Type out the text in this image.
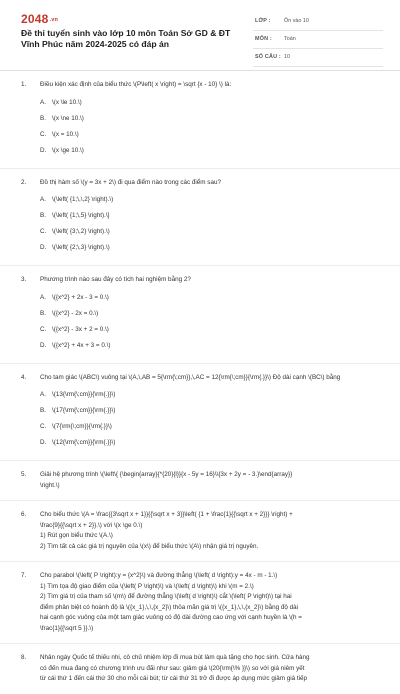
2048.vn
Đề thi tuyển sinh vào lớp 10 môn Toán Sở GD & ĐT Vĩnh Phúc năm 2024-2025 có đáp án
LỚP : Ôn vào 10
MÔN : Toán
SỐ CÂU : 10
1. Điều kiện xác định của biểu thức \(P\left( x \right) = \sqrt {x - 10} \) là:
A. \(x \le 10.\)
B. \(x \ne 10.\)
C. \(x = 10.\)
D. \(x \ge 10.\)
2. Đồ thị hàm số \(y = 3x + 2\) đi qua điểm nào trong các điểm sau?
A. \(\left( {1;\,\,2} \right).\)
B. \(\left( {1;\,5} \right).\]
C. \(\left( {3;\,2} \right).\)
D. \(\left( {2;\,3} \right).\)
3. Phương trình nào sau đây có tích hai nghiệm bằng 2?
A. \({x^2} + 2x - 3 = 0.\)
B. \({x^2} - 2x = 0.\)
C. \({x^2} - 3x + 2 = 0.\)
D. \({x^2} + 4x + 3 = 0.\)
4. Cho tam giác \(ABC\) vuông tại \(A,\,AB = 5{\rm{\;cm}},\,AC = 12{\rm{\;cm}}{\rm{.}}\) Độ dài cạnh \(BC\) bằng
A. \(13{\rm{\;cm}}{\rm{.}}\)
B. \(17{\rm{\;cm}}{\rm{.}}\)
C. \(7{\rm{\;cm}}{\rm{.}}\)
D. \(12{\rm{\;cm}}{\rm{.}}\)
5. Giải hệ phương trình \(\left\{ {\begin{array}{*{20}{l}}{x - 5y = 16}\\{3x + 2y = - 3.}\end{array}}
\right.\)
6. Cho biểu thức \(A = \frac{{3\sqrt x + 1}}{{\sqrt x + 3}}\left( {1 + \frac{1}{{\sqrt x + 2}}} \right) +
\frac{9}{{\sqrt x + 2}}.\) với \(x \ge 0.\)
1) Rút gọn biểu thức \(A.\)
2) Tìm tất cả các giá trị nguyên của \(x\) để biểu thức \(A\) nhận giá trị nguyên.
7. Cho parabol \(\left( P \right):y = {x^2}\) và đường thẳng \(\left( d \right):y = 4x - m - 1.\)
1) Tìm tọa độ giao điểm của \(\left( P \right)\) và \(\left( d \right)\) khi \(m = 2.\)
2) Tìm giá trị của tham số \(m\) để đường thẳng \(\left( d \right)\) cắt \(\left( P \right)\) tại hai
điểm phân biệt có hoành độ là \({x_1},\,\,{x_2}\) thỏa mãn giá trị \({x_1},\,\,{x_2}\) bằng độ dài
hai cạnh góc vuông của một tam giác vuông có độ dài đường cao ứng với cạnh huyền là \(h =
\frac{1}{{\sqrt 5 }}.\)
8. Nhân ngày Quốc tế thiếu nhi, cô chủ nhiệm lớp đi mua bút làm quà tặng cho học sinh. Cửa hàng
có đến mua đang có chương trình ưu đãi như sau: giảm giá \(20{\rm{\% }}\) so với giá niêm yết
từ cái thứ 1 đến cái thứ 30 cho mỗi cái bút; từ cái thứ 31 trở đi được áp dụng mức giảm giá tiếp
